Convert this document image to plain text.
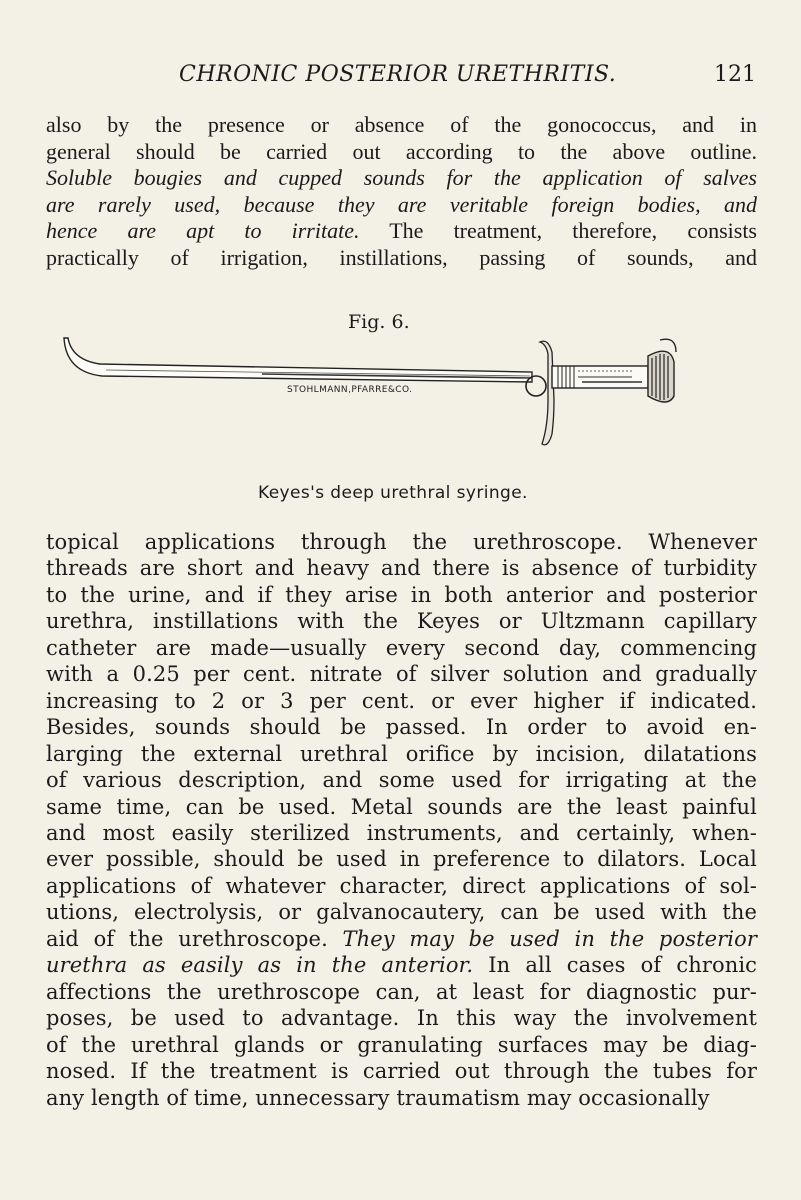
CHRONIC POSTERIOR URETHRITIS.	121
also by the presence or absence of the gonococcus, and in
general should be carried out according to the above outline.
Soluble bougies and cupped sounds for the application of salves
are rarely used, because they are veritable foreign bodies, and
hence are apt to irritate. The treatment, therefore, consists
practically of irrigation, instillations, passing of sounds, and
Fig. 6.
STOHLMANN,PFARRE&CO.
Keyes's deep urethral syringe.
topical applications through the urethroscope. Whenever
threads are short and heavy and there is absence of turbidity
to the urine, and if they arise in both anterior and posterior
urethra, instillations with the Keyes or Ultzmann capillary
catheter are made—usually every second day, commencing
with a 0.25 per cent. nitrate of silver solution and gradually
increasing to 2 or 3 per cent. or ever higher if indicated.
Besides, sounds should be passed. In order to avoid en-
larging the external urethral orifice by incision, dilatations
of various description, and some used for irrigating at the
same time, can be used. Metal sounds are the least painful
and most easily sterilized instruments, and certainly, when-
ever possible, should be used in preference to dilators. Local
applications of whatever character, direct applications of sol-
utions, electrolysis, or galvanocautery, can be used with the
aid of the urethroscope. They may be used in the posterior
urethra as easily as in the anterior. In all cases of chronic
affections the urethroscope can, at least for diagnostic pur-
poses, be used to advantage. In this way the involvement
of the urethral glands or granulating surfaces may be diag-
nosed. If the treatment is carried out through the tubes for
any length of time, unnecessary traumatism may occasionally
